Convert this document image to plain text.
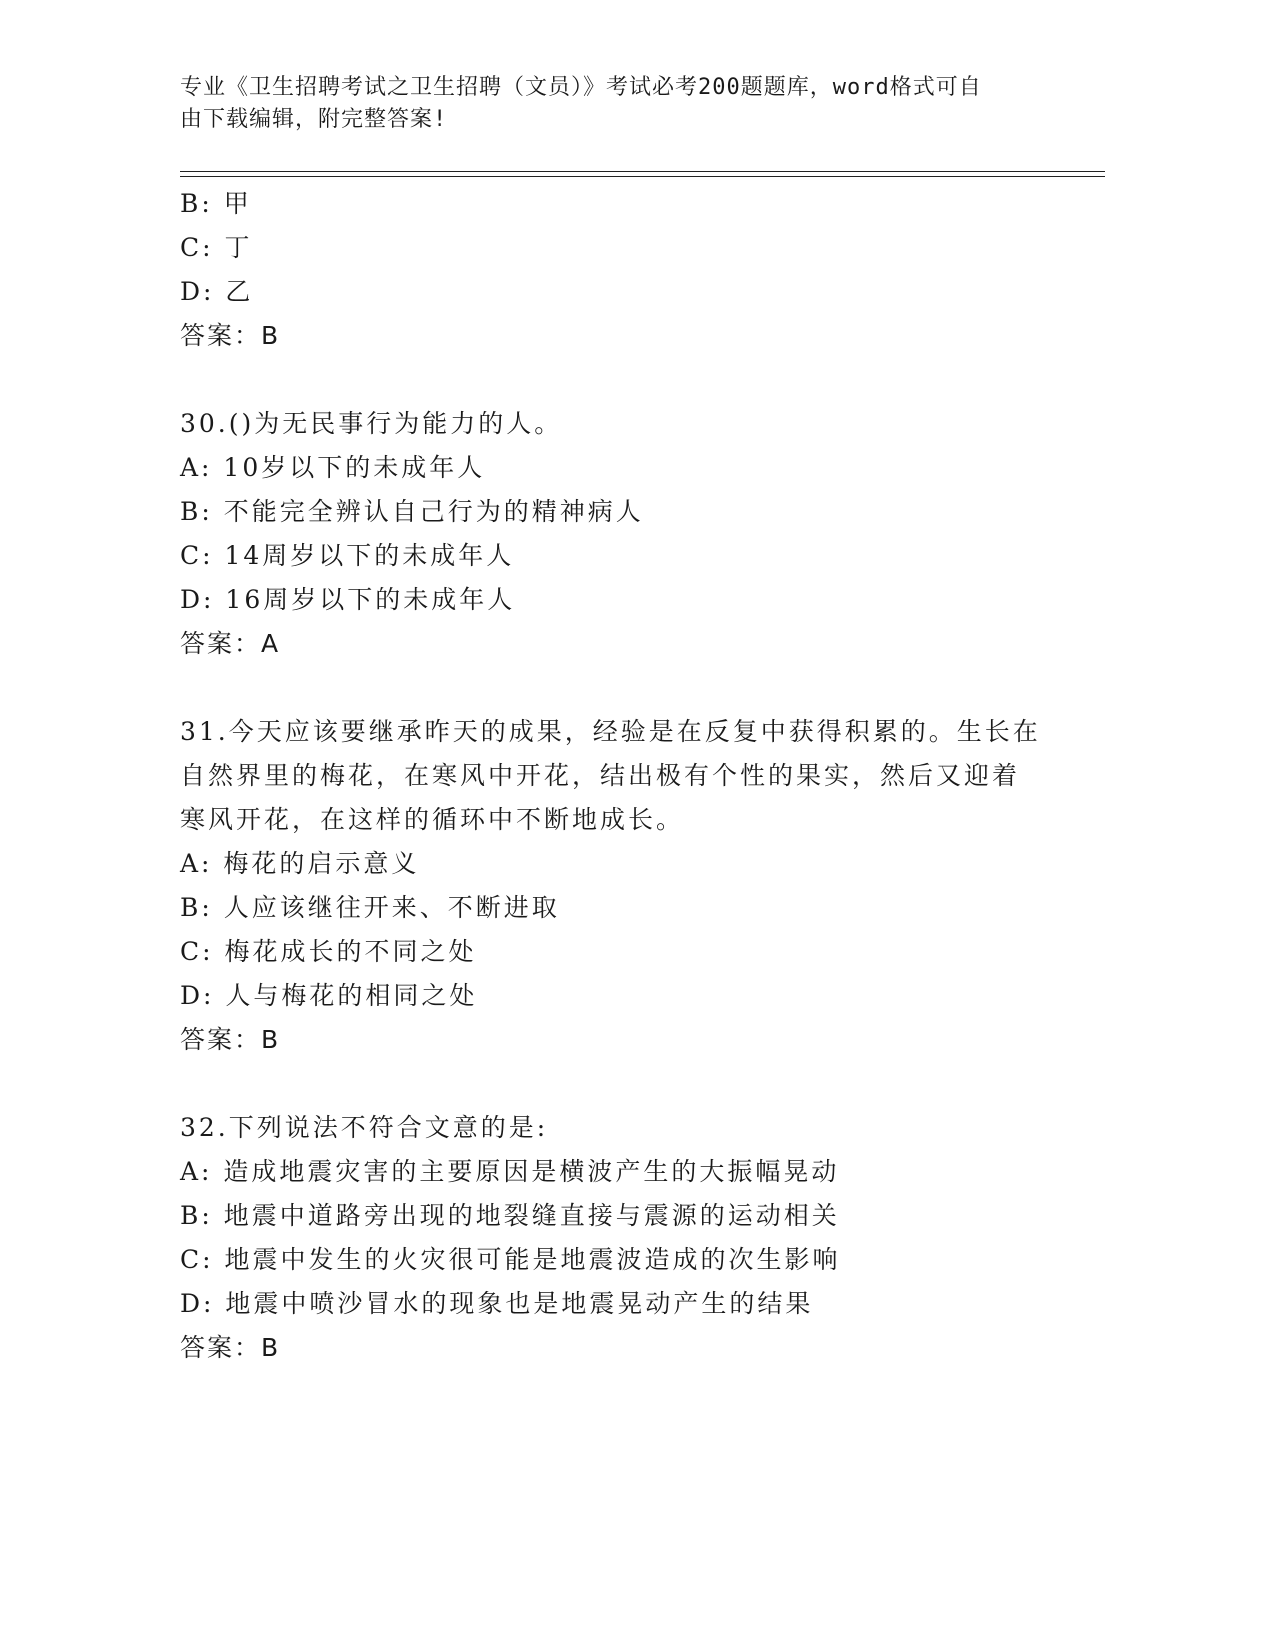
专业《卫生招聘考试之卫生招聘（文员）》考试必考200题题库，word格式可自
由下载编辑，附完整答案!
B: 甲
C: 丁
D: 乙
答案：B
30.()为无民事行为能力的人。
A: 10岁以下的未成年人
B: 不能完全辨认自己行为的精神病人
C: 14周岁以下的未成年人
D: 16周岁以下的未成年人
答案：A
31.今天应该要继承昨天的成果，经验是在反复中获得积累的。生长在
自然界里的梅花，在寒风中开花，结出极有个性的果实，然后又迎着
寒风开花，在这样的循环中不断地成长。
A: 梅花的启示意义
B: 人应该继往开来、不断进取
C: 梅花成长的不同之处
D: 人与梅花的相同之处
答案：B
32.下列说法不符合文意的是:
A: 造成地震灾害的主要原因是横波产生的大振幅晃动
B: 地震中道路旁出现的地裂缝直接与震源的运动相关
C: 地震中发生的火灾很可能是地震波造成的次生影响
D: 地震中喷沙冒水的现象也是地震晃动产生的结果
答案：B
